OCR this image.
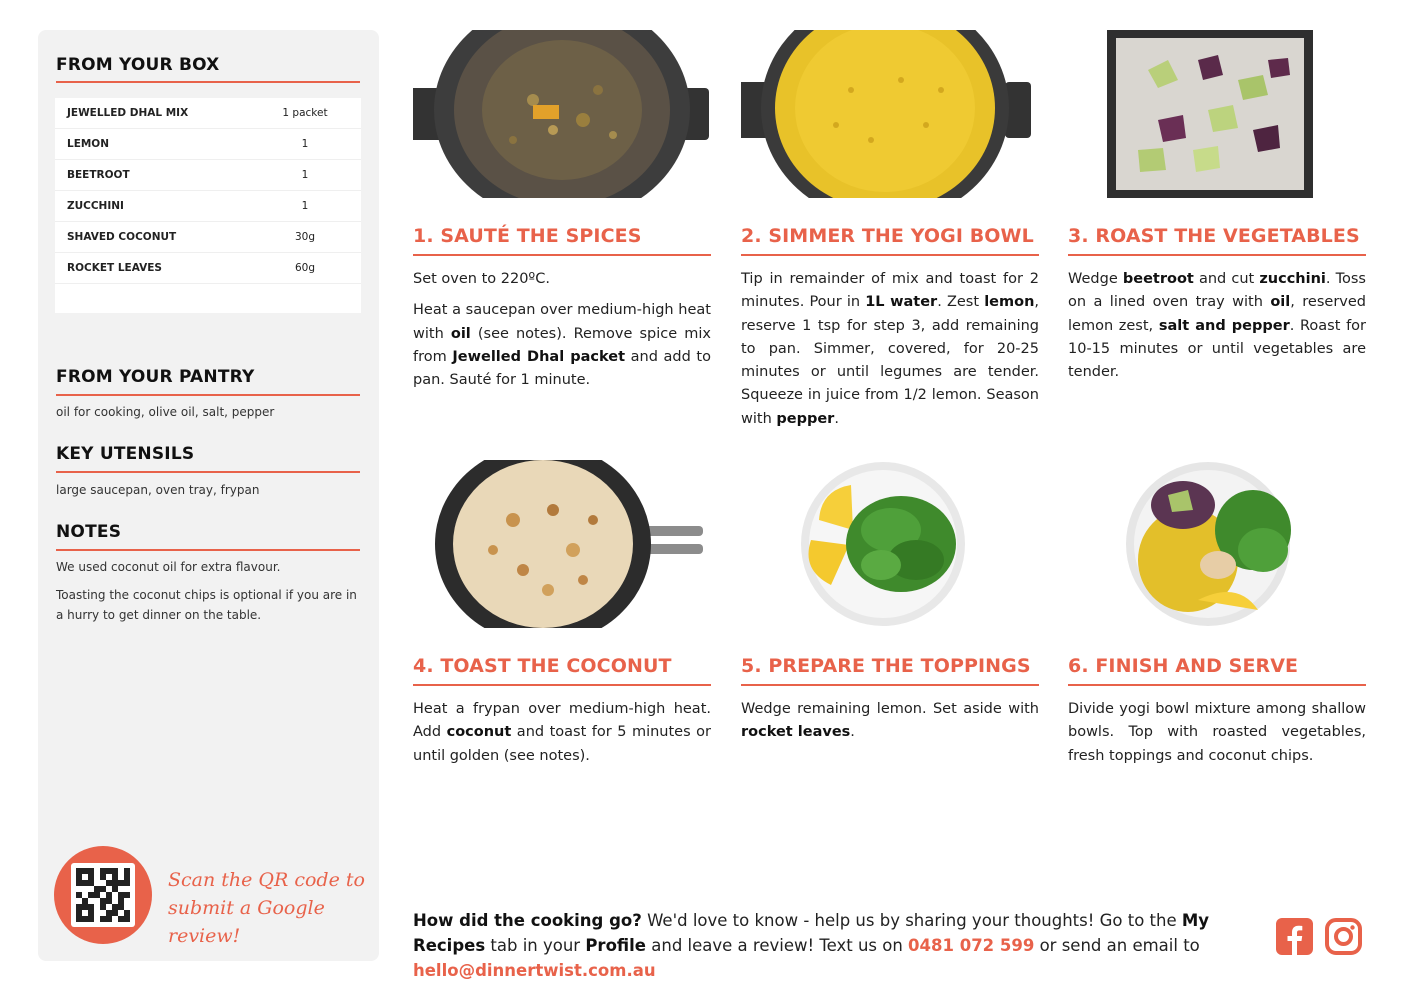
FROM YOUR BOX
JEWELLED DHAL MIX	1 packet
LEMON	1
BEETROOT	1
ZUCCHINI	1
SHAVED COCONUT	30g
ROCKET LEAVES	60g
FROM YOUR PANTRY
oil for cooking, olive oil, salt, pepper
KEY UTENSILS
large saucepan, oven tray, frypan
NOTES
We used coconut oil for extra flavour.
Toasting the coconut chips is optional if you are in a hurry to get dinner on the table.
Scan the QR code to
submit a Google review!
1. SAUTÉ THE SPICES

Set oven to 220ºC.

Heat a saucepan over medium-high heat with oil (see notes). Remove spice mix from Jewelled Dhal packet and add to pan. Sauté for 1 minute.

2. SIMMER THE YOGI BOWL

Tip in remainder of mix and toast for 2 minutes. Pour in 1L water. Zest lemon, reserve 1 tsp for step 3, add remaining to pan. Simmer, covered, for 20-25 minutes or until legumes are tender. Squeeze in juice from 1/2 lemon. Season with pepper.

3. ROAST THE VEGETABLES

Wedge beetroot and cut zucchini. Toss on a lined oven tray with oil, reserved lemon zest, salt and pepper. Roast for 10-15 minutes or until vegetables are tender.

4. TOAST THE COCONUT

Heat a frypan over medium-high heat. Add coconut and toast for 5 minutes or until golden (see notes).

5. PREPARE THE TOPPINGS

Wedge remaining lemon. Set aside with rocket leaves.

6. FINISH AND SERVE

Divide yogi bowl mixture among shallow bowls. Top with roasted vegetables, fresh toppings and coconut chips.

How did the cooking go? We'd love to know - help us by sharing your thoughts! Go to the My Recipes tab in your Profile and leave a review! Text us on 0481 072 599 or send an email to hello@dinnertwist.com.au
